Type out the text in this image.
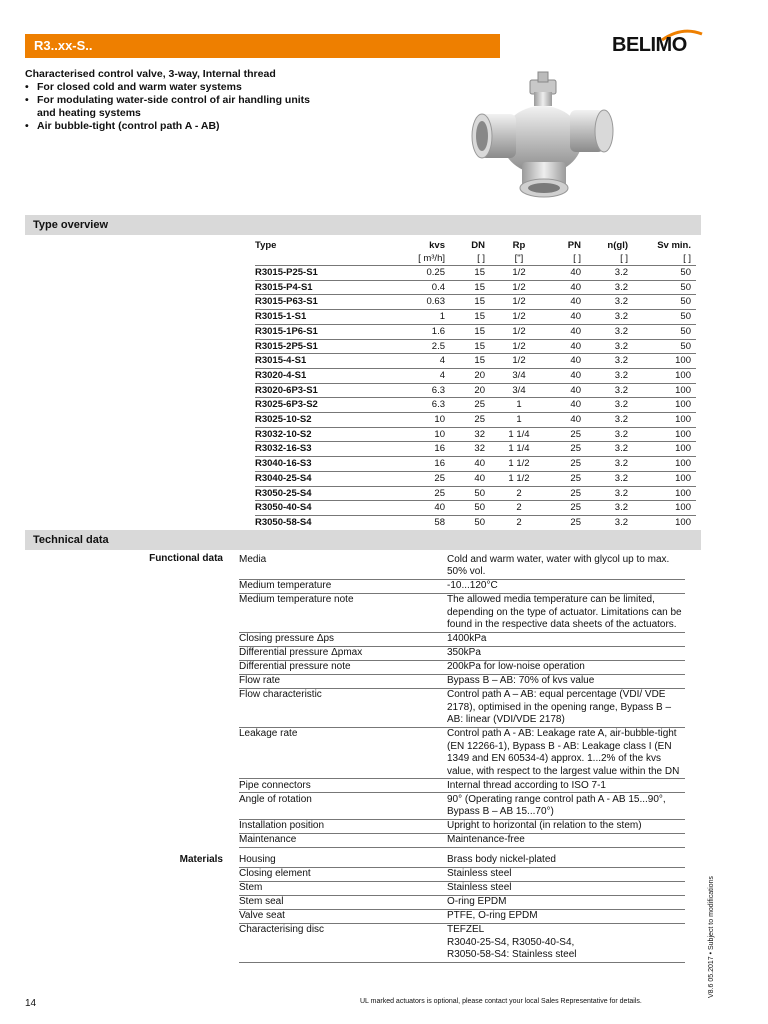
R3..xx-S..	BELIMO
Characterised control valve, 3-way, Internal thread
• For closed cold and warm water systems
• For modulating water-side control of air handling units and heating systems
• Air bubble-tight (control path A - AB)
Type overview
Type	kvs	DN	Rp	PN	n(gl)	Sv min.
	[ m³/h]	[ ]	["]	[ ]	[ ]	[ ]
R3015-P25-S1	0.25	15	1/2	40	3.2	50
R3015-P4-S1	0.4	15	1/2	40	3.2	50
R3015-P63-S1	0.63	15	1/2	40	3.2	50
R3015-1-S1	1	15	1/2	40	3.2	50
R3015-1P6-S1	1.6	15	1/2	40	3.2	50
R3015-2P5-S1	2.5	15	1/2	40	3.2	50
R3015-4-S1	4	15	1/2	40	3.2	100
R3020-4-S1	4	20	3/4	40	3.2	100
R3020-6P3-S1	6.3	20	3/4	40	3.2	100
R3025-6P3-S2	6.3	25	1	40	3.2	100
R3025-10-S2	10	25	1	40	3.2	100
R3032-10-S2	10	32	1 1/4	25	3.2	100
R3032-16-S3	16	32	1 1/4	25	3.2	100
R3040-16-S3	16	40	1 1/2	25	3.2	100
R3040-25-S4	25	40	1 1/2	25	3.2	100
R3050-25-S4	25	50	2	25	3.2	100
R3050-40-S4	40	50	2	25	3.2	100
R3050-58-S4	58	50	2	25	3.2	100
Technical data
Functional data	Media	Cold and warm water, water with glycol up to max. 50% vol.
Medium temperature	-10...120°C
Medium temperature note	The allowed media temperature can be limited, depending on the type of actuator. Limitations can be found in the respective data sheets of the actuators.
Closing pressure Δps	1400kPa
Differential pressure Δpmax	350kPa
Differential pressure note	200kPa for low-noise operation
Flow rate	Bypass B – AB: 70% of kvs value
Flow characteristic	Control path A – AB: equal percentage (VDI/ VDE 2178), optimised in the opening range, Bypass B – AB: linear (VDI/VDE 2178)
Leakage rate	Control path A - AB: Leakage rate A, air-bubble-tight (EN 12266-1), Bypass B - AB: Leakage class I (EN 1349 and EN 60534-4) approx. 1...2% of the kvs value, with respect to the largest value within the DN
Pipe connectors	Internal thread according to ISO 7-1
Angle of rotation	90° (Operating range control path A - AB 15...90°, Bypass B – AB 15...70°)
Installation position	Upright to horizontal (in relation to the stem)
Maintenance	Maintenance-free
Materials	Housing	Brass body nickel-plated
Closing element	Stainless steel
Stem	Stainless steel
Stem seal	O-ring EPDM
Valve seat	PTFE, O-ring EPDM
Characterising disc	TEFZEL
R3040-25-S4, R3050-40-S4,
R3050-58-S4: Stainless steel
14	UL marked actuators is optional, please contact your local Sales Representative for details.
V8.6 05.2017 • Subject to modifications
